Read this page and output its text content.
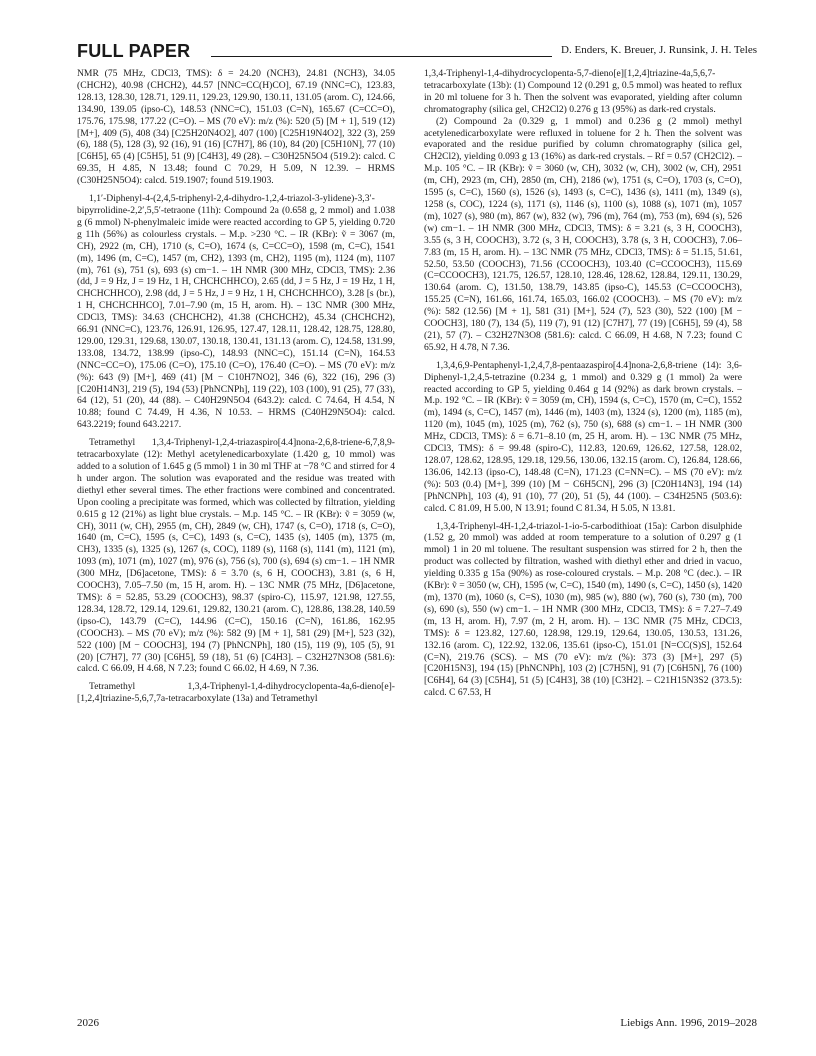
FULL PAPER	D. Enders, K. Breuer, J. Runsink, J. H. Teles

NMR (75 MHz, CDCl3, TMS): δ = 24.20 (NCH3), 24.81 (NCH3), 34.05 (CHCH2), 40.98 (CHCH2), 44.57 [NNC=CC(H)CO], 67.19 (NNC=C), 123.83, 128.13, 128.30, 128.71, 129.11, 129.23, 129.90, 130.11, 131.05 (arom. C), 124.66, 134.90, 139.05 (ipso-C), 148.53 (NNC=C), 151.03 (C=N), 165.67 (C=CC=O), 175.76, 175.98, 177.22 (C=O). – MS (70 eV): m/z (%): 520 (5) [M + 1], 519 (12) [M+], 409 (5), 408 (34) [C25H20N4O2], 407 (100) [C25H19N4O2], 322 (3), 259 (6), 188 (5), 128 (3), 92 (16), 91 (16) [C7H7], 86 (10), 84 (20) [C5H10N], 77 (10) [C6H5], 65 (4) [C5H5], 51 (9) [C4H3], 49 (28). – C30H25N5O4 (519.2): calcd. C 69.35, H 4.85, N 13.48; found C 70.29, H 5.09, N 12.39. – HRMS (C30H25N5O4): calcd. 519.1907; found 519.1903.

1,1′-Diphenyl-4-(2,4,5-triphenyl-2,4-dihydro-1,2,4-triazol-3-ylidene)-3,3′-bipyrrolidine-2,2′,5,5′-tetraone (11h): Compound 2a (0.658 g, 2 mmol) and 1.038 g (6 mmol) N-phenylmaleic imide were reacted according to GP 5, yielding 0.720 g 11h (56%) as colourless crystals. – M.p. >230 °C. – IR (KBr): ṽ = 3067 (m, CH), 2922 (m, CH), 1710 (s, C=O), 1674 (s, C=CC=O), 1598 (m, C=C), 1541 (m), 1496 (m, C=C), 1457 (m, CH2), 1393 (m, CH2), 1195 (m), 1124 (m), 1107 (m), 761 (s), 751 (s), 693 (s) cm−1. – 1H NMR (300 MHz, CDCl3, TMS): 2.36 (dd, J = 9 Hz, J = 19 Hz, 1 H, CHCHCHHCO), 2.65 (dd, J = 5 Hz, J = 19 Hz, 1 H, CHCHCHHCO), 2.98 (dd, J = 5 Hz, J = 9 Hz, 1 H, CHCHCHHCO), 3.28 [s (br.), 1 H, CHCHCHHCO], 7.01–7.90 (m, 15 H, arom. H). – 13C NMR (300 MHz, CDCl3, TMS): 34.63 (CHCHCH2), 41.38 (CHCHCH2), 45.34 (CHCHCH2), 66.91 (NNC=C), 123.76, 126.91, 126.95, 127.47, 128.11, 128.42, 128.75, 128.80, 129.00, 129.31, 129.68, 130.07, 130.18, 130.41, 131.13 (arom. C), 124.58, 131.99, 133.08, 134.72, 138.99 (ipso-C), 148.93 (NNC=C), 151.14 (C=N), 164.53 (NNC=CC=O), 175.06 (C=O), 175.10 (C=O), 176.40 (C=O). – MS (70 eV): m/z (%): 643 (9) [M+], 469 (41) [M − C10H7NO2], 346 (6), 322 (16), 296 (3) [C20H14N3], 219 (5), 194 (53) [PhNCNPh], 119 (22), 103 (100), 91 (25), 77 (33), 64 (12), 51 (20), 44 (88). – C40H29N5O4 (643.2): calcd. C 74.64, H 4.54, N 10.88; found C 74.49, H 4.36, N 10.53. – HRMS (C40H29N5O4): calcd. 643.2219; found 643.2217.

Tetramethyl 1,3,4-Triphenyl-1,2,4-triazaspiro[4.4]nona-2,6,8-triene-6,7,8,9-tetracarboxylate (12): Methyl acetylenedicarboxylate (1.420 g, 10 mmol) was added to a solution of 1.645 g (5 mmol) 1 in 30 ml THF at −78 °C and stirred for 4 h under argon. The solution was evaporated and the residue was treated with diethyl ether several times. The ether fractions were combined and concentrated. Upon cooling a precipitate was formed, which was collected by filtration, yielding 0.615 g 12 (21%) as light blue crystals. – M.p. 145 °C. – IR (KBr): ṽ = 3059 (w, CH), 3011 (w, CH), 2955 (m, CH), 2849 (w, CH), 1747 (s, C=O), 1718 (s, C=O), 1640 (m, C=C), 1595 (s, C=C), 1493 (s, C=C), 1435 (s), 1405 (m), 1375 (m, CH3), 1335 (s), 1325 (s), 1267 (s, COC), 1189 (s), 1168 (s), 1141 (m), 1121 (m), 1093 (m), 1071 (m), 1027 (m), 976 (s), 756 (s), 700 (s), 694 (s) cm−1. – 1H NMR (300 MHz, [D6]acetone, TMS): δ = 3.70 (s, 6 H, COOCH3), 3.81 (s, 6 H, COOCH3), 7.05–7.50 (m, 15 H, arom. H). – 13C NMR (75 MHz, [D6]acetone, TMS): δ = 52.85, 53.29 (COOCH3), 98.37 (spiro-C), 115.97, 121.98, 127.55, 128.34, 128.72, 129.14, 129.61, 129.82, 130.21 (arom. C), 128.86, 138.28, 140.59 (ipso-C), 143.79 (C=C), 144.96 (C=C), 150.16 (C=N), 161.86, 162.95 (COOCH3). – MS (70 eV); m/z (%): 582 (9) [M + 1], 581 (29) [M+], 523 (32), 522 (100) [M − COOCH3], 194 (7) [PhNCNPh], 180 (15), 119 (9), 105 (5), 91 (20) [C7H7], 77 (30) [C6H5], 59 (18), 51 (6) [C4H3]. – C32H27N3O8 (581.6): calcd. C 66.09, H 4.68, N 7.23; found C 66.02, H 4.69, N 7.36.

Tetramethyl 1,3,4-Triphenyl-1,4-dihydrocyclopenta-4a,6-dieno[e]-[1,2,4]triazine-5,6,7,7a-tetracarboxylate (13a) and Tetramethyl

1,3,4-Triphenyl-1,4-dihydrocyclopenta-5,7-dieno[e][1,2,4]triazine-4a,5,6,7-tetracarboxylate (13b): (1) Compound 12 (0.291 g, 0.5 mmol) was heated to reflux in 20 ml toluene for 3 h. Then the solvent was evaporated, yielding after column chromatography (silica gel, CH2Cl2) 0.276 g 13 (95%) as dark-red crystals.

(2) Compound 2a (0.329 g, 1 mmol) and 0.236 g (2 mmol) methyl acetylenedicarboxylate were refluxed in toluene for 2 h. Then the solvent was evaporated and the residue purified by column chromatography (silica gel, CH2Cl2), yielding 0.093 g 13 (16%) as dark-red crystals. – Rf = 0.57 (CH2Cl2). – M.p. 105 °C. – IR (KBr): ṽ = 3060 (w, CH), 3032 (w, CH), 3002 (w, CH), 2951 (m, CH), 2923 (m, CH), 2850 (m, CH), 2186 (w), 1751 (s, C=O), 1703 (s, C=O), 1595 (s, C=C), 1560 (s), 1526 (s), 1493 (s, C=C), 1436 (s), 1411 (m), 1349 (s), 1258 (s, COC), 1224 (s), 1171 (s), 1146 (s), 1100 (s), 1088 (s), 1071 (m), 1057 (m), 1027 (s), 980 (m), 867 (w), 832 (w), 796 (m), 764 (m), 753 (m), 694 (s), 526 (w) cm−1. – 1H NMR (300 MHz, CDCl3, TMS): δ = 3.21 (s, 3 H, COOCH3), 3.55 (s, 3 H, COOCH3), 3.72 (s, 3 H, COOCH3), 3.78 (s, 3 H, COOCH3), 7.06–7.83 (m, 15 H, arom. H). – 13C NMR (75 MHz, CDCl3, TMS): δ = 51.15, 51.61, 52.50, 53.50 (COOCH3), 71.56 (CCOOCH3), 103.40 (C=CCOOCH3), 115.69 (C=CCOOCH3), 121.75, 126.57, 128.10, 128.46, 128.62, 128.84, 129.11, 130.29, 130.64 (arom. C), 131.50, 138.79, 143.85 (ipso-C), 145.53 (C=CCOOCH3), 155.25 (C=N), 161.66, 161.74, 165.03, 166.02 (COOCH3). – MS (70 eV): m/z (%): 582 (12.56) [M + 1], 581 (31) [M+], 524 (7), 523 (30), 522 (100) [M − COOCH3], 180 (7), 134 (5), 119 (7), 91 (12) [C7H7], 77 (19) [C6H5], 59 (4), 58 (21), 57 (7). – C32H27N3O8 (581.6): calcd. C 66.09, H 4.68, N 7.23; found C 65.92, H 4.78, N 7.36.

1,3,4,6,9-Pentaphenyl-1,2,4,7,8-pentaazaspiro[4.4]nona-2,6,8-triene (14): 3,6-Diphenyl-1,2,4,5-tetrazine (0.234 g, 1 mmol) and 0.329 g (1 mmol) 2a were reacted according to GP 5, yielding 0.464 g 14 (92%) as dark brown crystals. – M.p. 192 °C. – IR (KBr): ṽ = 3059 (m, CH), 1594 (s, C=C), 1570 (m, C=C), 1552 (m), 1494 (s, C=C), 1457 (m), 1446 (m), 1403 (m), 1324 (s), 1200 (m), 1185 (m), 1120 (m), 1045 (m), 1025 (m), 762 (s), 750 (s), 688 (s) cm−1. – 1H NMR (300 MHz, CDCl3, TMS): δ = 6.71–8.10 (m, 25 H, arom. H). – 13C NMR (75 MHz, CDCl3, TMS): δ = 99.48 (spiro-C), 112.83, 120.69, 126.62, 127.58, 128.02, 128.07, 128.62, 128.95, 129.18, 129.56, 130.06, 132.15 (arom. C), 126.84, 128.66, 136.06, 142.13 (ipso-C), 148.48 (C=N), 171.23 (C=NN=C). – MS (70 eV): m/z (%): 503 (0.4) [M+], 399 (10) [M − C6H5CN], 296 (3) [C20H14N3], 194 (14) [PhNCNPh], 103 (4), 91 (10), 77 (20), 51 (5), 44 (100). – C34H25N5 (503.6): calcd. C 81.09, H 5.00, N 13.91; found C 81.34, H 5.05, N 13.81.

1,3,4-Triphenyl-4H-1,2,4-triazol-1-io-5-carbodithioat (15a): Carbon disulphide (1.52 g, 20 mmol) was added at room temperature to a solution of 0.297 g (1 mmol) 1 in 20 ml toluene. The resultant suspension was stirred for 2 h, then the product was collected by filtration, washed with diethyl ether and dried in vacuo, yielding 0.335 g 15a (90%) as rose-coloured crystals. – M.p. 208 °C (dec.). – IR (KBr): ṽ = 3050 (w, CH), 1595 (w, C=C), 1540 (m), 1490 (s, C=C), 1450 (s), 1420 (m), 1370 (m), 1060 (s, C=S), 1030 (m), 985 (w), 880 (w), 760 (s), 730 (m), 700 (s), 690 (s), 550 (w) cm−1. – 1H NMR (300 MHz, CDCl3, TMS): δ = 7.27–7.49 (m, 13 H, arom. H), 7.97 (m, 2 H, arom. H). – 13C NMR (75 MHz, CDCl3, TMS): δ = 123.82, 127.60, 128.98, 129.19, 129.64, 130.05, 130.53, 131.26, 132.16 (arom. C), 122.92, 132.06, 135.61 (ipso-C), 151.01 [N=CC(S)S], 152.64 (C=N), 219.76 (SCS). – MS (70 eV): m/z (%): 373 (3) [M+], 297 (5) [C20H15N3], 194 (15) [PhNCNPh], 103 (2) [C7H5N], 91 (7) [C6H5N], 76 (100) [C6H4], 64 (3) [C5H4], 51 (5) [C4H3], 38 (10) [C3H2]. – C21H15N3S2 (373.5): calcd. C 67.53, H

2026	Liebigs Ann. 1996, 2019–2028
